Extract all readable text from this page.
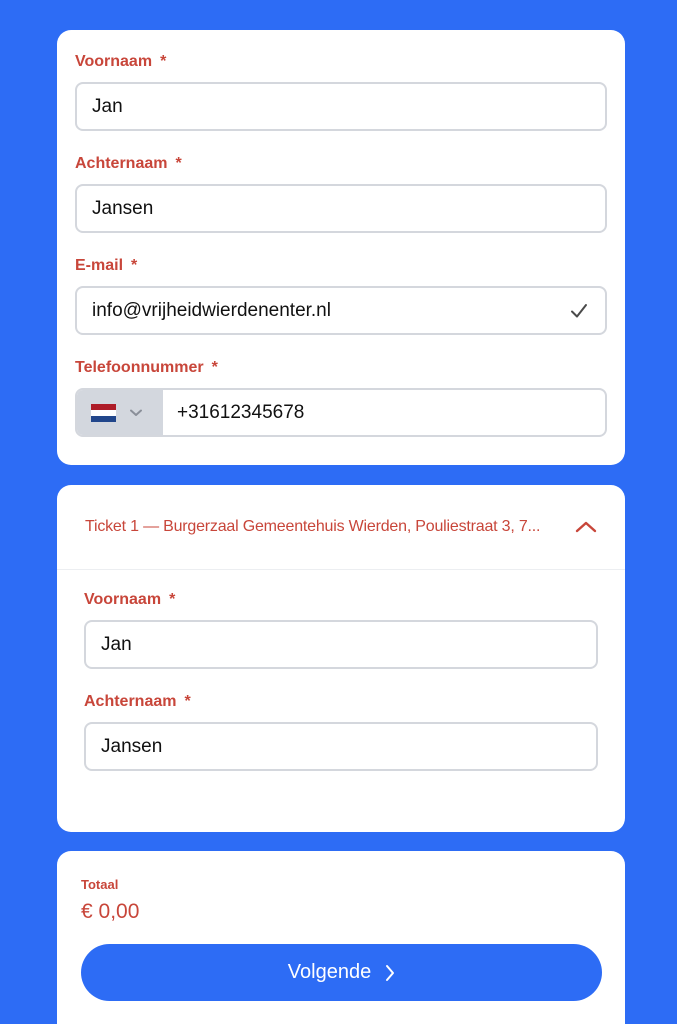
Voornaam *
Jan
Achternaam *
Jansen
E-mail *
info@vrijheidwierdenenter.nl
Telefoonnummer *
+31612345678
Ticket 1 — Burgerzaal Gemeentehuis Wierden, Pouliestraat 3, 7...
Voornaam *
Jan
Achternaam *
Jansen
Totaal
€ 0,00
Volgende
